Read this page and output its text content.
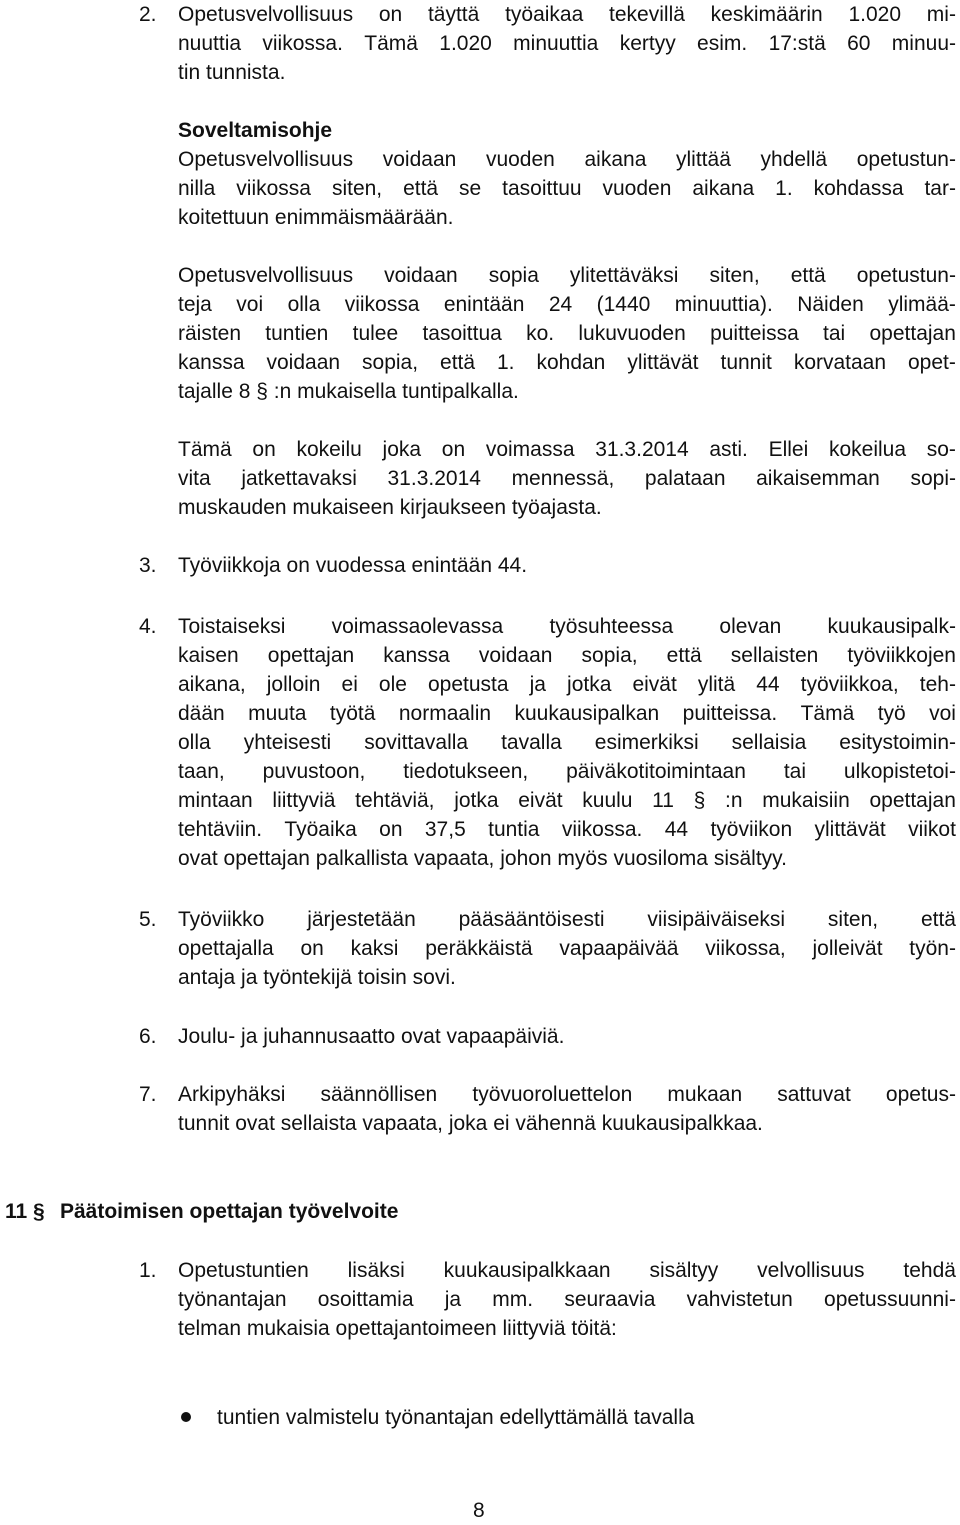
2. Opetusvelvollisuus on täyttä työaikaa tekevillä keskimäärin 1.020 mi-
nuuttia viikossa. Tämä 1.020 minuuttia kertyy esim. 17:stä 60 minuu-
tin tunnista.
Soveltamisohje
Opetusvelvollisuus voidaan vuoden aikana ylittää yhdellä opetustun-
nilla viikossa siten, että se tasoittuu vuoden aikana 1. kohdassa tar-
koitettuun enimmäismäärään.
Opetusvelvollisuus voidaan sopia ylitettäväksi siten, että opetustun-
teja voi olla viikossa enintään 24 (1440 minuuttia). Näiden ylimää-
räisten tuntien tulee tasoittua ko. lukuvuoden puitteissa tai opettajan
kanssa voidaan sopia, että 1. kohdan ylittävät tunnit korvataan opet-
tajalle 8 § :n mukaisella tuntipalkalla.
Tämä on kokeilu joka on voimassa 31.3.2014 asti. Ellei kokeilua so-
vita jatkettavaksi 31.3.2014 mennessä, palataan aikaisemman sopi-
muskauden mukaiseen kirjaukseen työajasta.
3. Työviikkoja on vuodessa enintään 44.
4. Toistaiseksi voimassaolevassa työsuhteessa olevan kuukausipalk-
kaisen opettajan kanssa voidaan sopia, että sellaisten työviikkojen
aikana, jolloin ei ole opetusta ja jotka eivät ylitä 44 työviikkoa, teh-
dään muuta työtä normaalin kuukausipalkan puitteissa. Tämä työ voi
olla yhteisesti sovittavalla tavalla esimerkiksi sellaisia esitystoimin-
taan, puvustoon, tiedotukseen, päiväkotitoimintaan tai ulkopistetoi-
mintaan liittyviä tehtäviä, jotka eivät kuulu 11 § :n mukaisiin opettajan
tehtäviin. Työaika on 37,5 tuntia viikossa. 44 työviikon ylittävät viikot
ovat opettajan palkallista vapaata, johon myös vuosiloma sisältyy.
5. Työviikko järjestetään pääsääntöisesti viisipäiväiseksi siten, että
opettajalla on kaksi peräkkäistä vapaapäivää viikossa, jolleivät työn-
antaja ja työntekijä toisin sovi.
6. Joulu- ja juhannusaatto ovat vapaapäiviä.
7. Arkipyhäksi säännöllisen työvuoroluettelon mukaan sattuvat opetus-
tunnit ovat sellaista vapaata, joka ei vähennä kuukausipalkkaa.
11 § Päätoimisen opettajan työvelvoite
1. Opetustuntien lisäksi kuukausipalkkaan sisältyy velvollisuus tehdä
työnantajan osoittamia ja mm. seuraavia vahvistetun opetussuunni-
telman mukaisia opettajantoimeen liittyviä töitä:
tuntien valmistelu työnantajan edellyttämällä tavalla
8
